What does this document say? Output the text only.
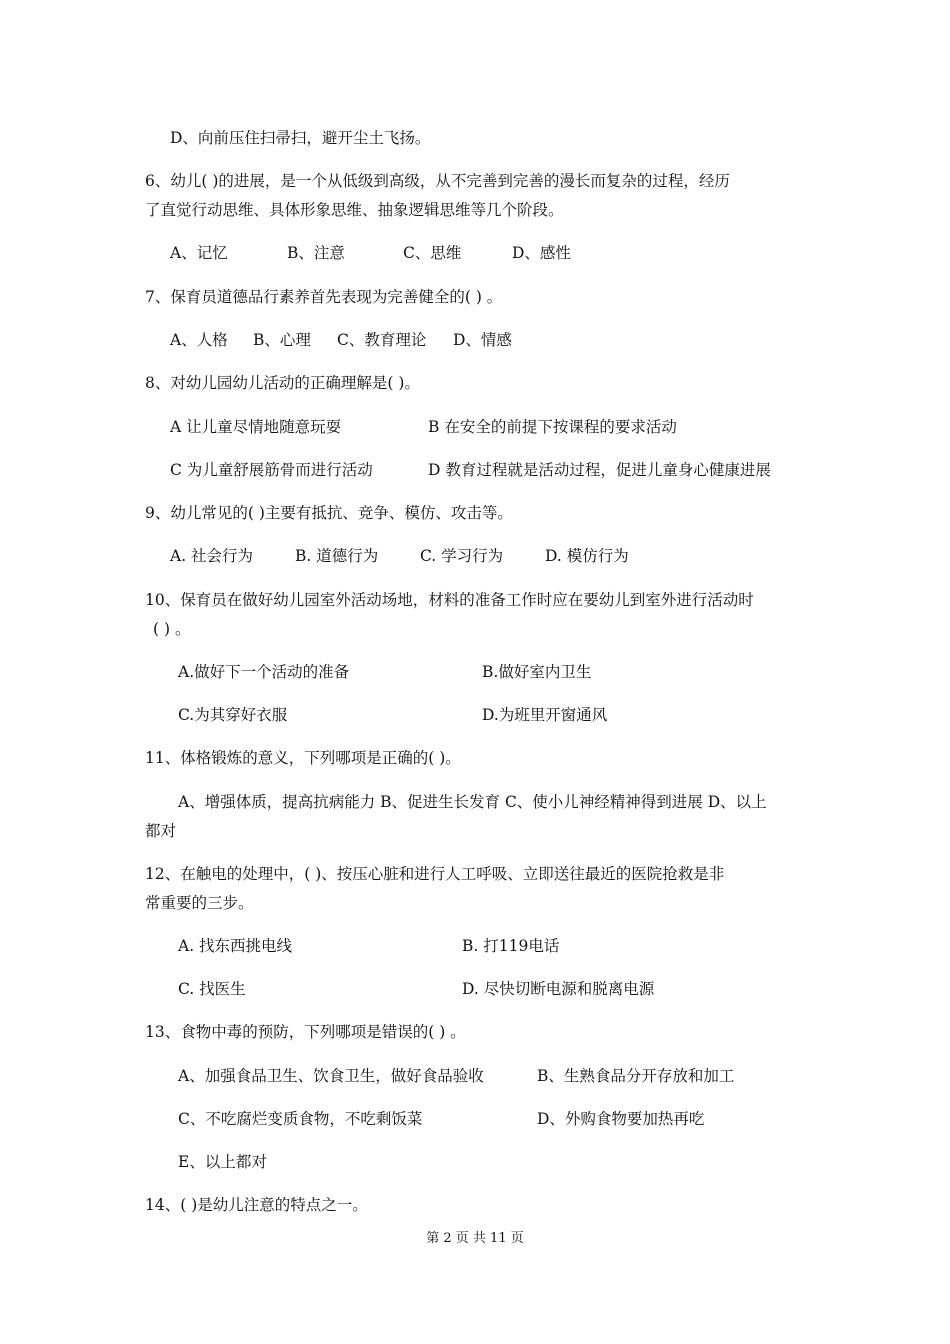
D、向前压住扫帚扫，避开尘土飞扬。
6、幼儿( )的进展，是一个从低级到高级，从不完善到完善的漫长而复杂的过程，经历
了直觉行动思维、具体形象思维、抽象逻辑思维等几个阶段。
A、记忆	B、注意	C、思维	D、感性
7、保育员道德品行素养首先表现为完善健全的( ) 。
A、人格 B、心理 C、教育理论 D、情感
8、对幼儿园幼儿活动的正确理解是( )。
A 让儿童尽情地随意玩耍	B 在安全的前提下按课程的要求活动
C 为儿童舒展筋骨而进行活动	D 教育过程就是活动过程，促进儿童身心健康进展
9、幼儿常见的( )主要有抵抗、竞争、模仿、攻击等。
A. 社会行为	B. 道德行为	C. 学习行为	D. 模仿行为
10、保育员在做好幼儿园室外活动场地，材料的准备工作时应在要幼儿到室外进行活动时
( ) 。
A.做好下一个活动的准备	B.做好室内卫生
C.为其穿好衣服	D.为班里开窗通风
11、体格锻炼的意义，下列哪项是正确的( )。
A、增强体质，提高抗病能力 B、促进生长发育 C、使小儿神经精神得到进展 D、以上
都对
12、在触电的处理中，( )、按压心脏和进行人工呼吸、立即送往最近的医院抢救是非
常重要的三步。
A. 找东西挑电线	B. 打119电话
C. 找医生	D. 尽快切断电源和脱离电源
13、食物中毒的预防，下列哪项是错误的( ) 。
A、加强食品卫生、饮食卫生，做好食品验收	B、生熟食品分开存放和加工
C、不吃腐烂变质食物，不吃剩饭菜	D、外购食物要加热再吃
E、以上都对
14、( )是幼儿注意的特点之一。
第 2 页 共 11 页
